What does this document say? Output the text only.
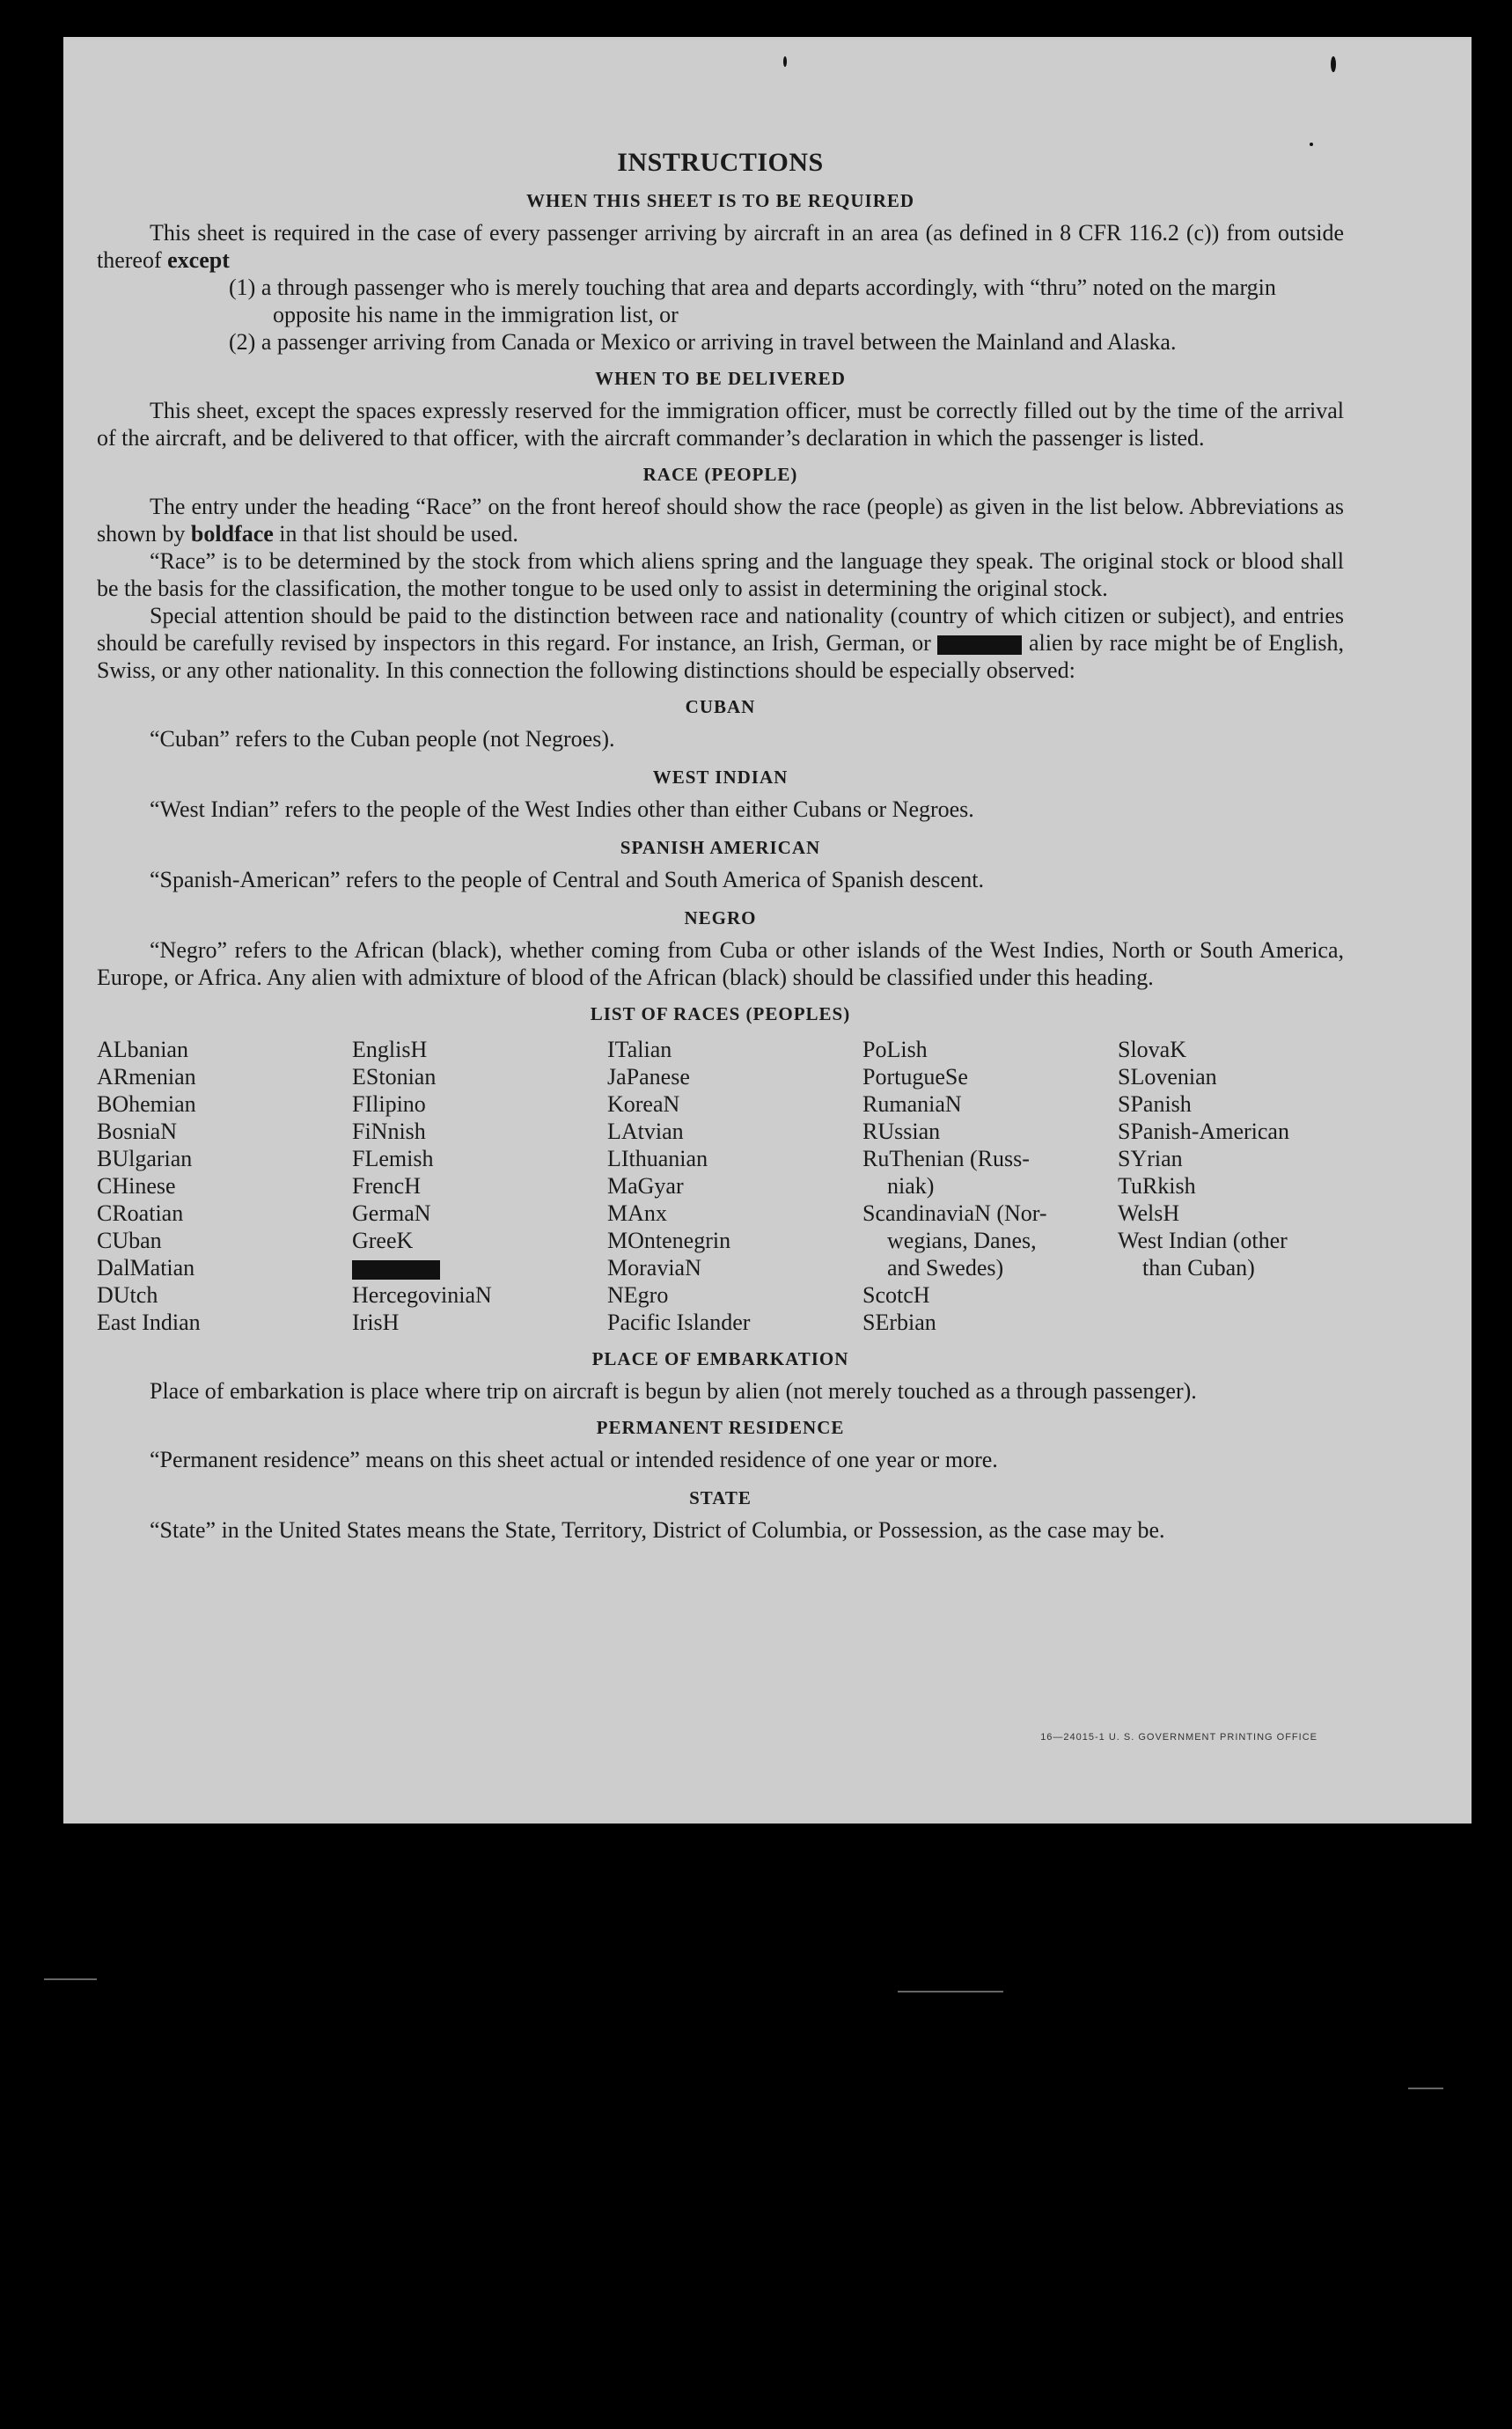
INSTRUCTIONS
WHEN THIS SHEET IS TO BE REQUIRED

This sheet is required in the case of every passenger arriving by aircraft in an area (as defined in 8 CFR 116.2 (c)) from outside thereof except

(1) a through passenger who is merely touching that area and departs accordingly, with “thru” noted on the margin opposite his name in the immigration list, or

(2) a passenger arriving from Canada or Mexico or arriving in travel between the Mainland and Alaska.

WHEN TO BE DELIVERED

This sheet, except the spaces expressly reserved for the immigration officer, must be correctly filled out by the time of the arrival of the aircraft, and be delivered to that officer, with the aircraft commander’s declaration in which the passenger is listed.

RACE (PEOPLE)

The entry under the heading “Race” on the front hereof should show the race (people) as given in the list below. Abbreviations as shown by boldface in that list should be used.

“Race” is to be determined by the stock from which aliens spring and the language they speak. The original stock or blood shall be the basis for the classification, the mother tongue to be used only to assist in determining the original stock.

Special attention should be paid to the distinction between race and nationality (country of which citizen or subject), and entries should be carefully revised by inspectors in this regard. For instance, an Irish, German, or	alien by race might be of English, Swiss, or any other nationality. In this connection the following distinctions should be especially observed:

CUBAN

“Cuban” refers to the Cuban people (not Negroes).

WEST INDIAN

“West Indian” refers to the people of the West Indies other than either Cubans or Negroes.

SPANISH AMERICAN

“Spanish-American” refers to the people of Central and South America of Spanish descent.

NEGRO

“Negro” refers to the African (black), whether coming from Cuba or other islands of the West Indies, North or South America, Europe, or Africa. Any alien with admixture of blood of the African (black) should be classified under this heading.

LIST OF RACES (PEOPLES)
ALbanian
ARmenian
BOhemian
BosniaN
BUlgarian
CHinese
CRoatian
CUban
DalMatian
DUtch
East Indian
EnglisH
EStonian
FIlipino
FiNnish
FLemish
FrencH
GermaN
GreeK
HercegoviniaN
IrisH
ITalian
JaPanese
KoreaN
LAtvian
LIthuanian
MaGyar
MAnx
MOntenegrin
MoraviaN
NEgro
Pacific Islander
PoLish
PortugueSe
RumaniaN
RUssian
RuThenian (Russ-
niak)
ScandinaviaN (Nor-
wegians, Danes,
and Swedes)
ScotcH
SErbian
SlovaK
SLovenian
SPanish
SPanish-American
SYrian
TuRkish
WelsH
West Indian (other
than Cuban)
PLACE OF EMBARKATION

Place of embarkation is place where trip on aircraft is begun by alien (not merely touched as a through passenger).

PERMANENT RESIDENCE

“Permanent residence” means on this sheet actual or intended residence of one year or more.

STATE

“State” in the United States means the State, Territory, District of Columbia, or Possession, as the case may be.

16—24015-1 U. S. GOVERNMENT PRINTING OFFICE
